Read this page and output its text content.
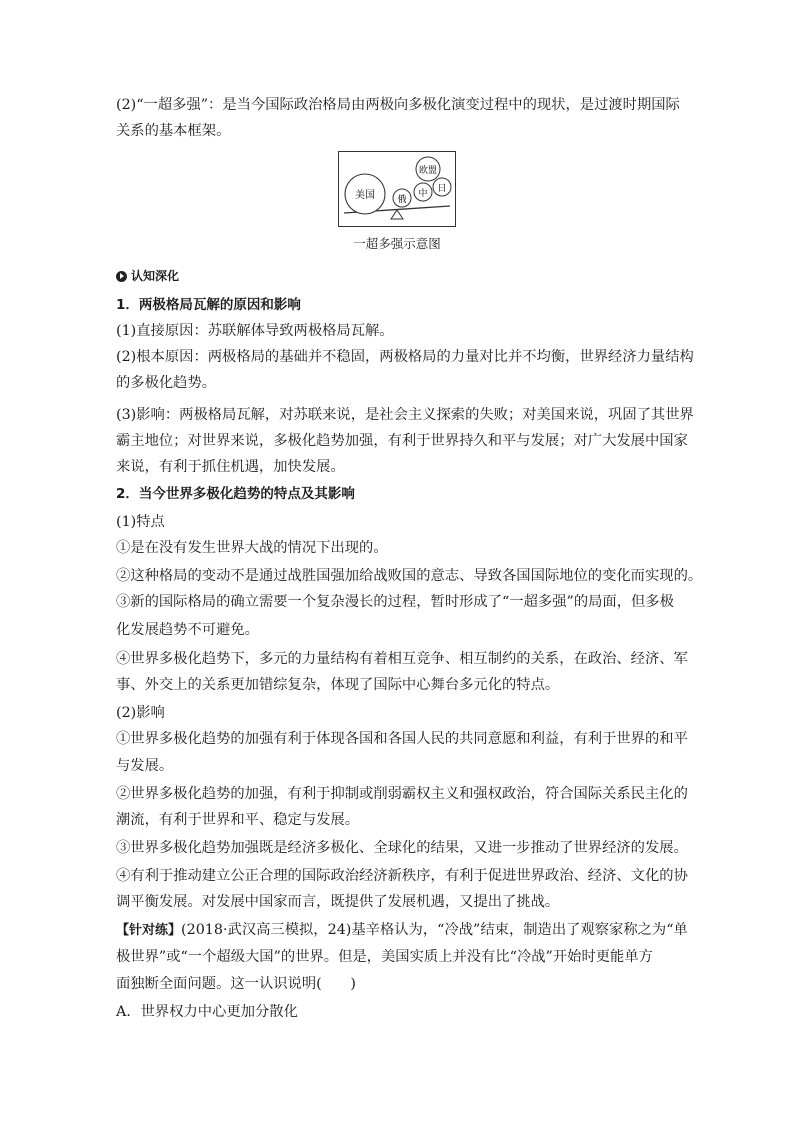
(2)“一超多强”：是当今国际政治格局由两极向多极化演变过程中的现状，是过渡时期国际
关系的基本框架。
美国 俄
中 日
欧盟
一超多强示意图
认知深化
1．两极格局瓦解的原因和影响
(1)直接原因：苏联解体导致两极格局瓦解。
(2)根本原因：两极格局的基础并不稳固，两极格局的力量对比并不均衡，世界经济力量结构
的多极化趋势。
(3)影响：两极格局瓦解，对苏联来说，是社会主义探索的失败；对美国来说，巩固了其世界
霸主地位；对世界来说，多极化趋势加强，有利于世界持久和平与发展；对广大发展中国家
来说，有利于抓住机遇，加快发展。
2．当今世界多极化趋势的特点及其影响
(1)特点
①是在没有发生世界大战的情况下出现的。
②这种格局的变动不是通过战胜国强加给战败国的意志、导致各国国际地位的变化而实现的。
③新的国际格局的确立需要一个复杂漫长的过程，暂时形成了“一超多强”的局面，但多极
化发展趋势不可避免。
④世界多极化趋势下，多元的力量结构有着相互竞争、相互制约的关系，在政治、经济、军
事、外交上的关系更加错综复杂，体现了国际中心舞台多元化的特点。
(2)影响
①世界多极化趋势的加强有利于体现各国和各国人民的共同意愿和利益，有利于世界的和平
与发展。
②世界多极化趋势的加强，有利于抑制或削弱霸权主义和强权政治，符合国际关系民主化的
潮流，有利于世界和平、稳定与发展。
③世界多极化趋势加强既是经济多极化、全球化的结果，又进一步推动了世界经济的发展。
④有利于推动建立公正合理的国际政治经济新秩序，有利于促进世界政治、经济、文化的协
调平衡发展。对发展中国家而言，既提供了发展机遇，又提出了挑战。
【针对练】(2018·武汉高三模拟，24)基辛格认为，“冷战”结束，制造出了观察家称之为“单
极世界”或“一个超级大国”的世界。但是，美国实质上并没有比“冷战”开始时更能单方
面独断全面问题。这一认识说明(　　)
A．世界权力中心更加分散化
